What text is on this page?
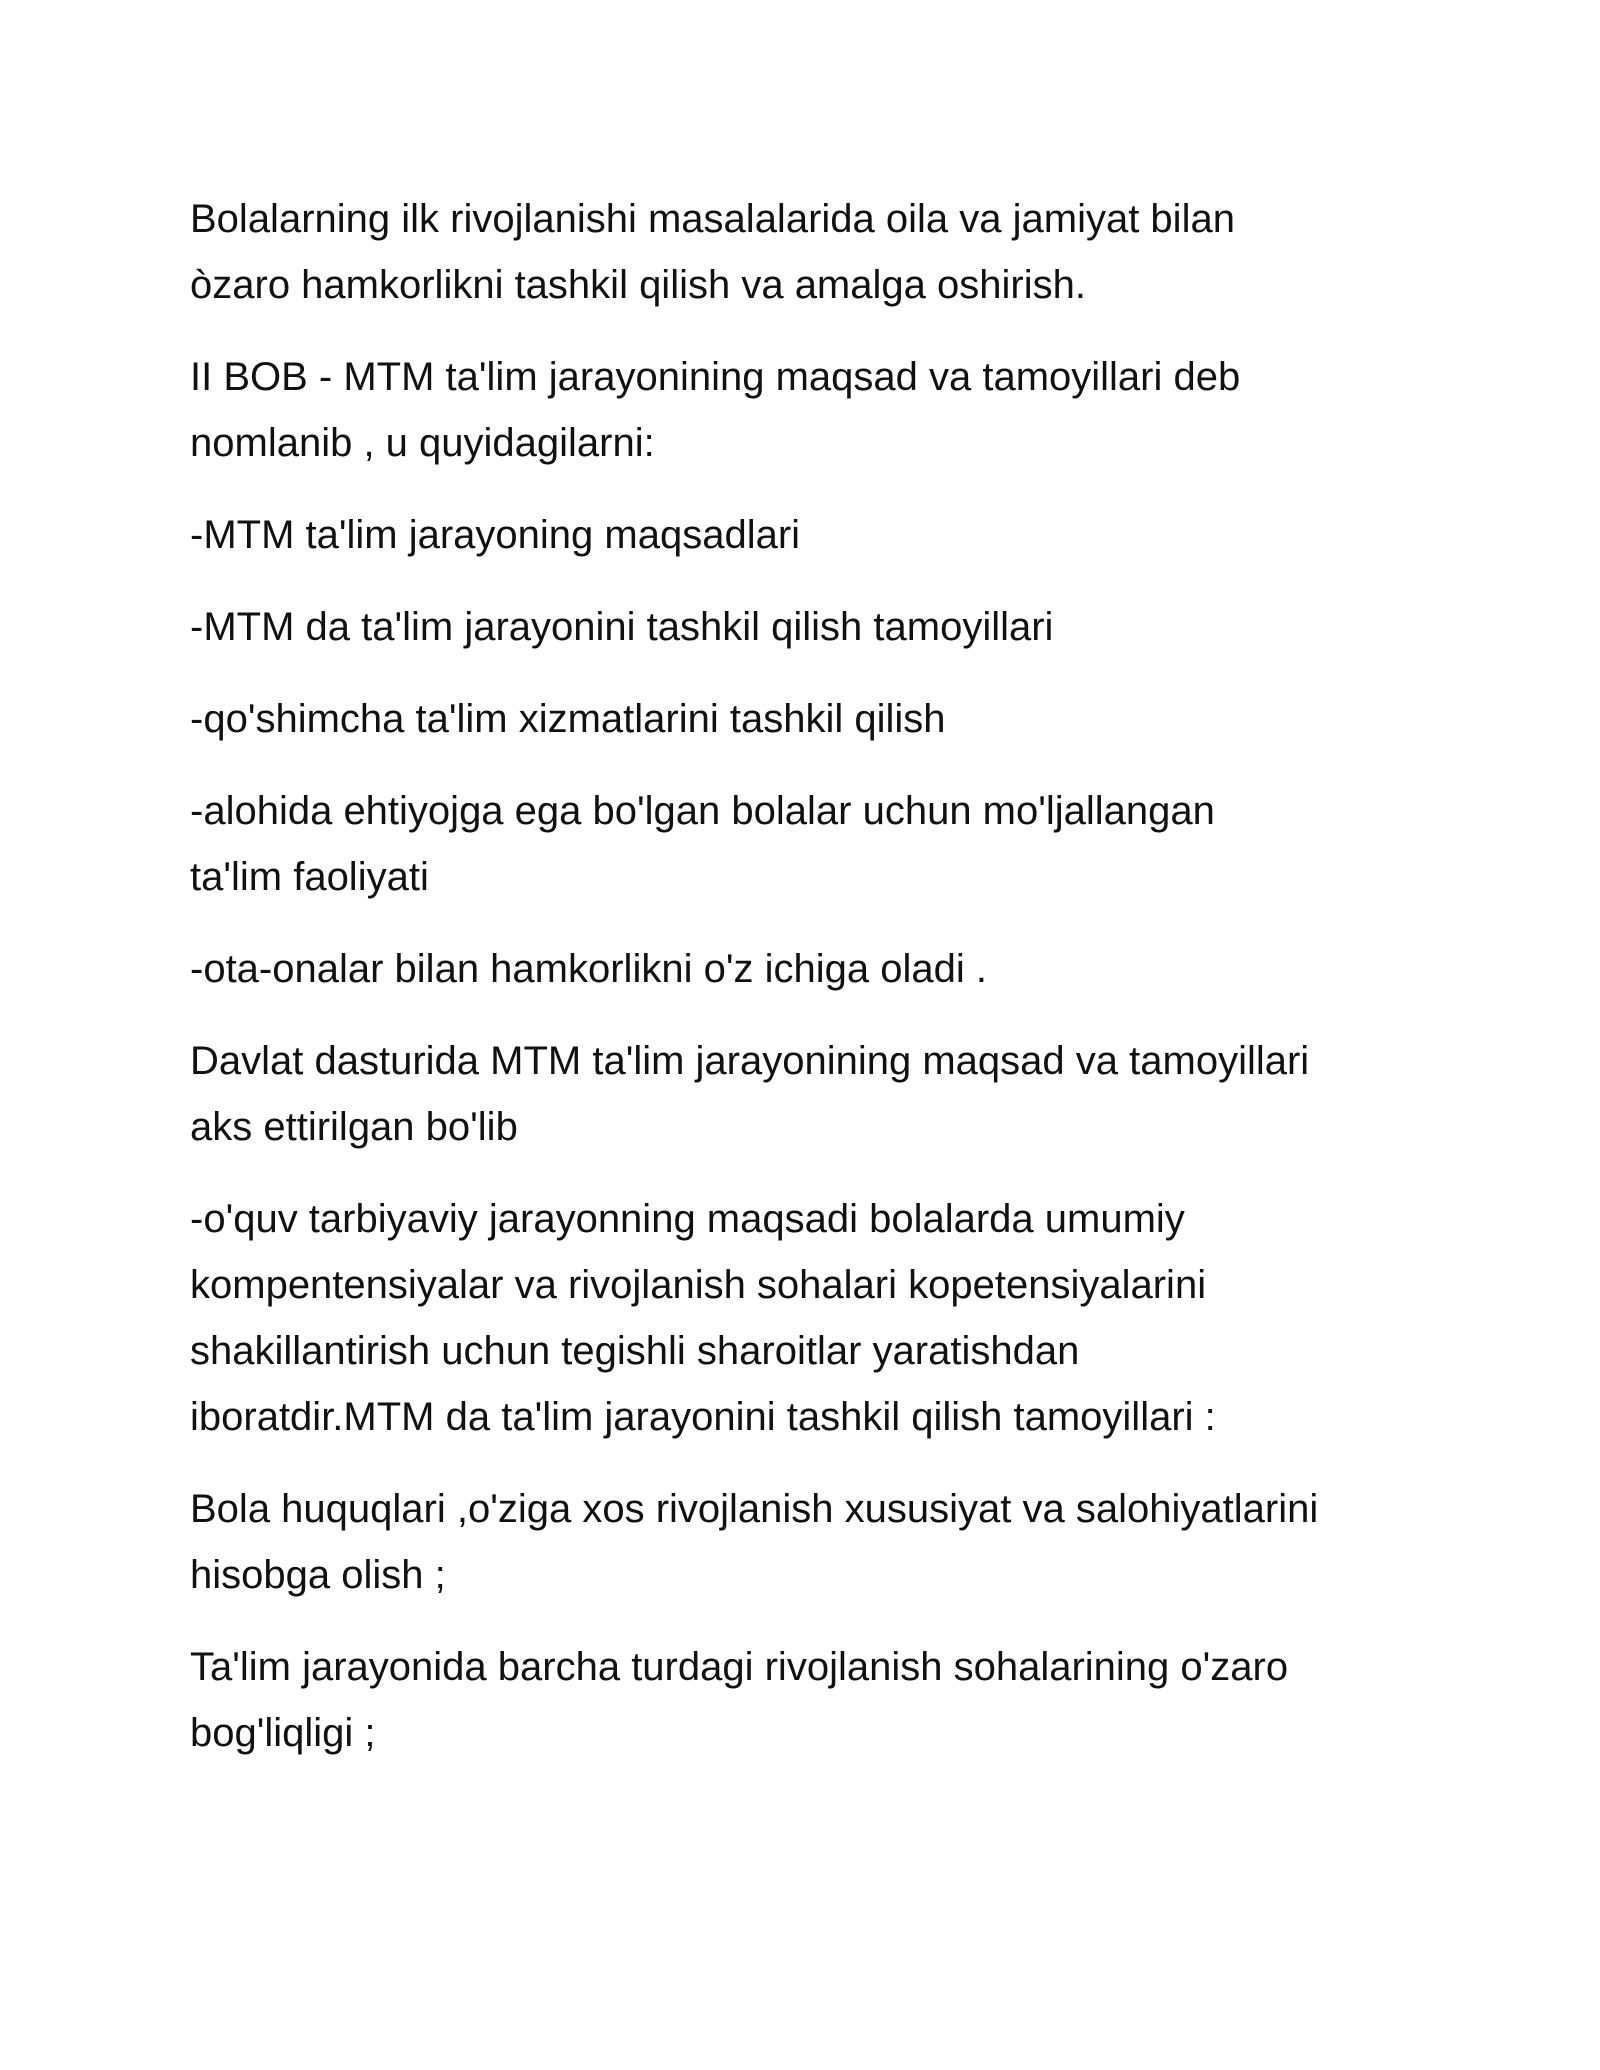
Bolalarning ilk rivojlanishi masalalarida oila va jamiyat bilan
òzaro hamkorlikni tashkil qilish va amalga oshirish.

II BOB - MTM ta'lim jarayonining maqsad va tamoyillari deb
nomlanib , u quyidagilarni:

-MTM ta'lim jarayoning maqsadlari

-MTM da ta'lim jarayonini tashkil qilish tamoyillari

-qo'shimcha ta'lim xizmatlarini tashkil qilish

-alohida ehtiyojga ega bo'lgan bolalar uchun mo'ljallangan
ta'lim faoliyati

-ota-onalar bilan hamkorlikni o'z ichiga oladi .

Davlat dasturida MTM ta'lim jarayonining maqsad va tamoyillari
aks ettirilgan bo'lib

-o'quv tarbiyaviy jarayonning maqsadi bolalarda umumiy
kompentensiyalar va rivojlanish sohalari kopetensiyalarini
shakillantirish uchun tegishli sharoitlar yaratishdan
iboratdir.MTM da ta'lim jarayonini tashkil qilish tamoyillari :

Bola huquqlari ,o'ziga xos rivojlanish xususiyat va salohiyatlarini
hisobga olish ;

Ta'lim jarayonida barcha turdagi rivojlanish sohalarining o'zaro
bog'liqligi ;
